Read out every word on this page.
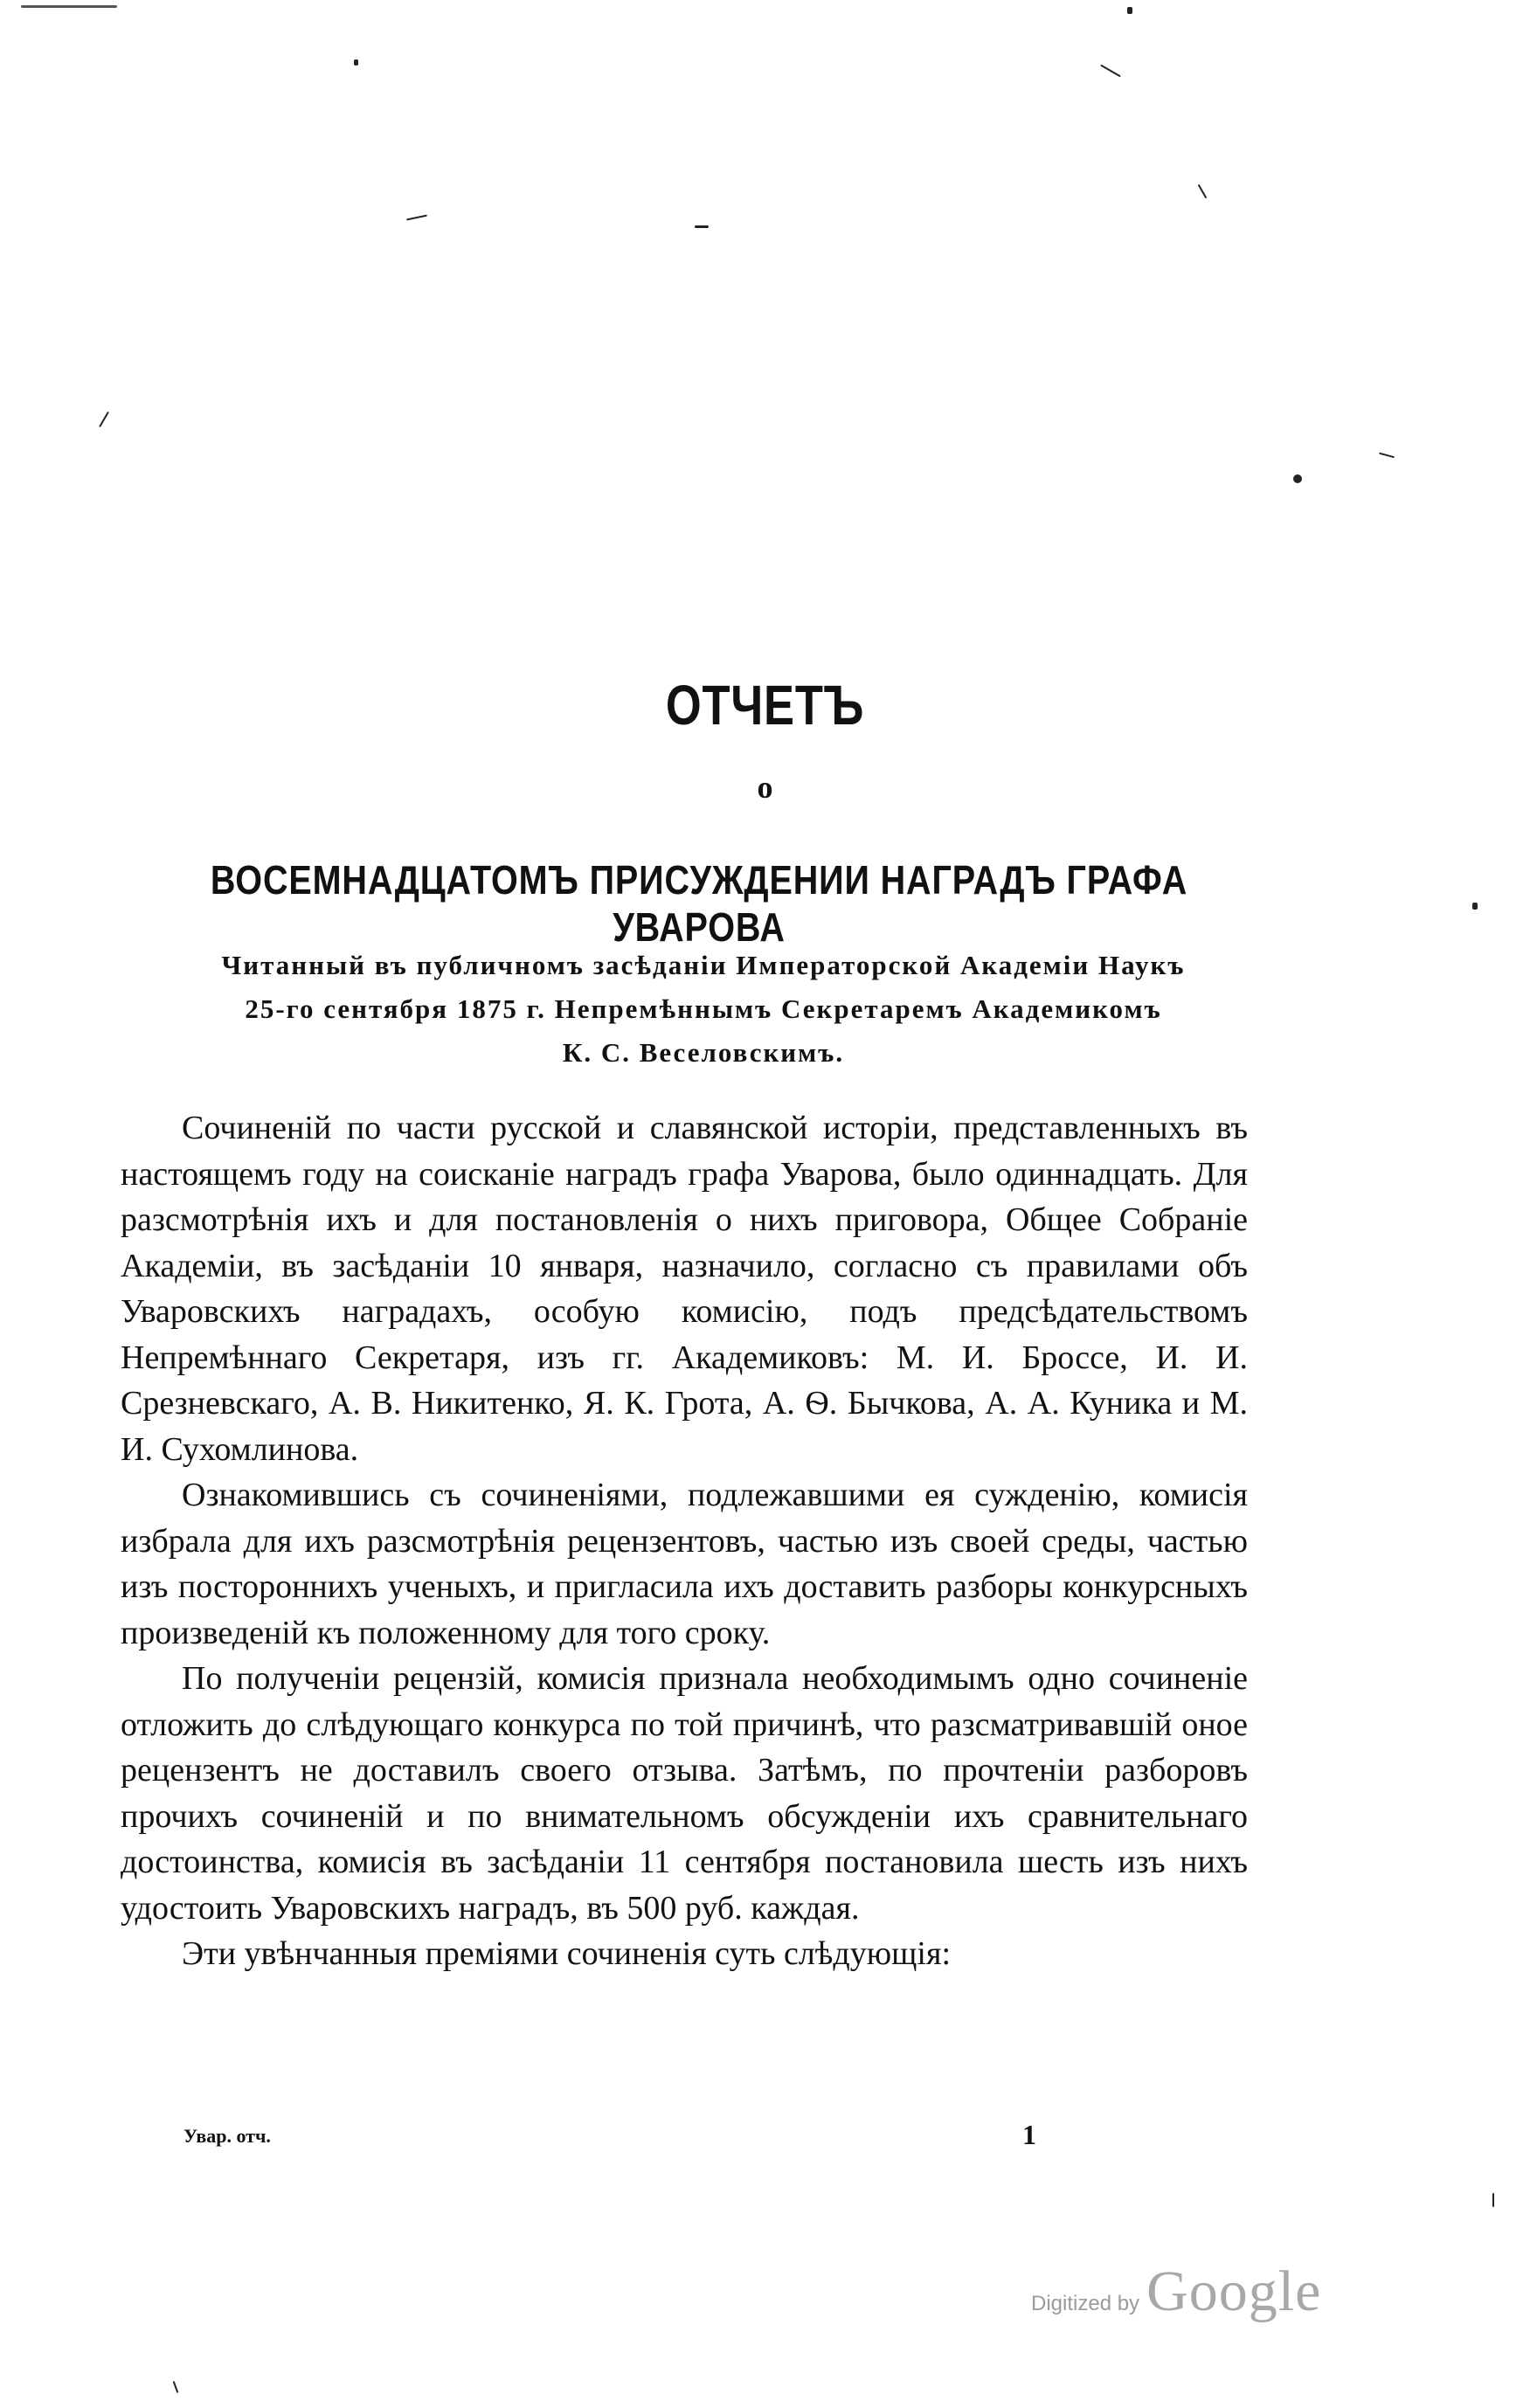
ОТЧЕТЪ
о
ВОСЕМНАДЦАТОМЪ ПРИСУЖДЕНИИ НАГРАДЪ ГРАФА УВАРОВА
Читанный въ публичномъ засѣданіи Императорской Академіи Наукъ
25-го сентября 1875 г. Непремѣннымъ Секретаремъ Академикомъ
К. С. Веселовскимъ.

Сочиненій по части русской и славянской исторіи, представленныхъ въ настоящемъ году на соисканіе наградъ графа Уварова, было одиннадцать. Для разсмотрѣнія ихъ и для постановленія о нихъ приговора, Общее Собраніе Академіи, въ засѣданіи 10 января, назначило, согласно съ правилами объ Уваровскихъ наградахъ, особую комисію, подъ предсѣдательствомъ Непремѣннаго Секретаря, изъ гг. Академиковъ: М. И. Броссе, И. И. Срезневскаго, А. В. Никитенко, Я. К. Грота, А. Ѳ. Бычкова, А. А. Куника и М. И. Сухомлинова.

Ознакомившись съ сочиненіями, подлежавшими ея сужденію, комисія избрала для ихъ разсмотрѣнія рецензентовъ, частью изъ своей среды, частью изъ постороннихъ ученыхъ, и пригласила ихъ доставить разборы конкурсныхъ произведеній къ положенному для того сроку.

По полученіи рецензій, комисія признала необходимымъ одно сочиненіе отложить до слѣдующаго конкурса по той причинѣ, что разсматривавшій оное рецензентъ не доставилъ своего отзыва. Затѣмъ, по прочтеніи разборовъ прочихъ сочиненій и по внимательномъ обсужденіи ихъ сравнительнаго достоинства, комисія въ засѣданіи 11 сентября постановила шесть изъ нихъ удостоить Уваровскихъ наградъ, въ 500 руб. каждая.

Эти увѣнчанныя преміями сочиненія суть слѣдующія:

Увар. отч.	1
Digitized by Google
